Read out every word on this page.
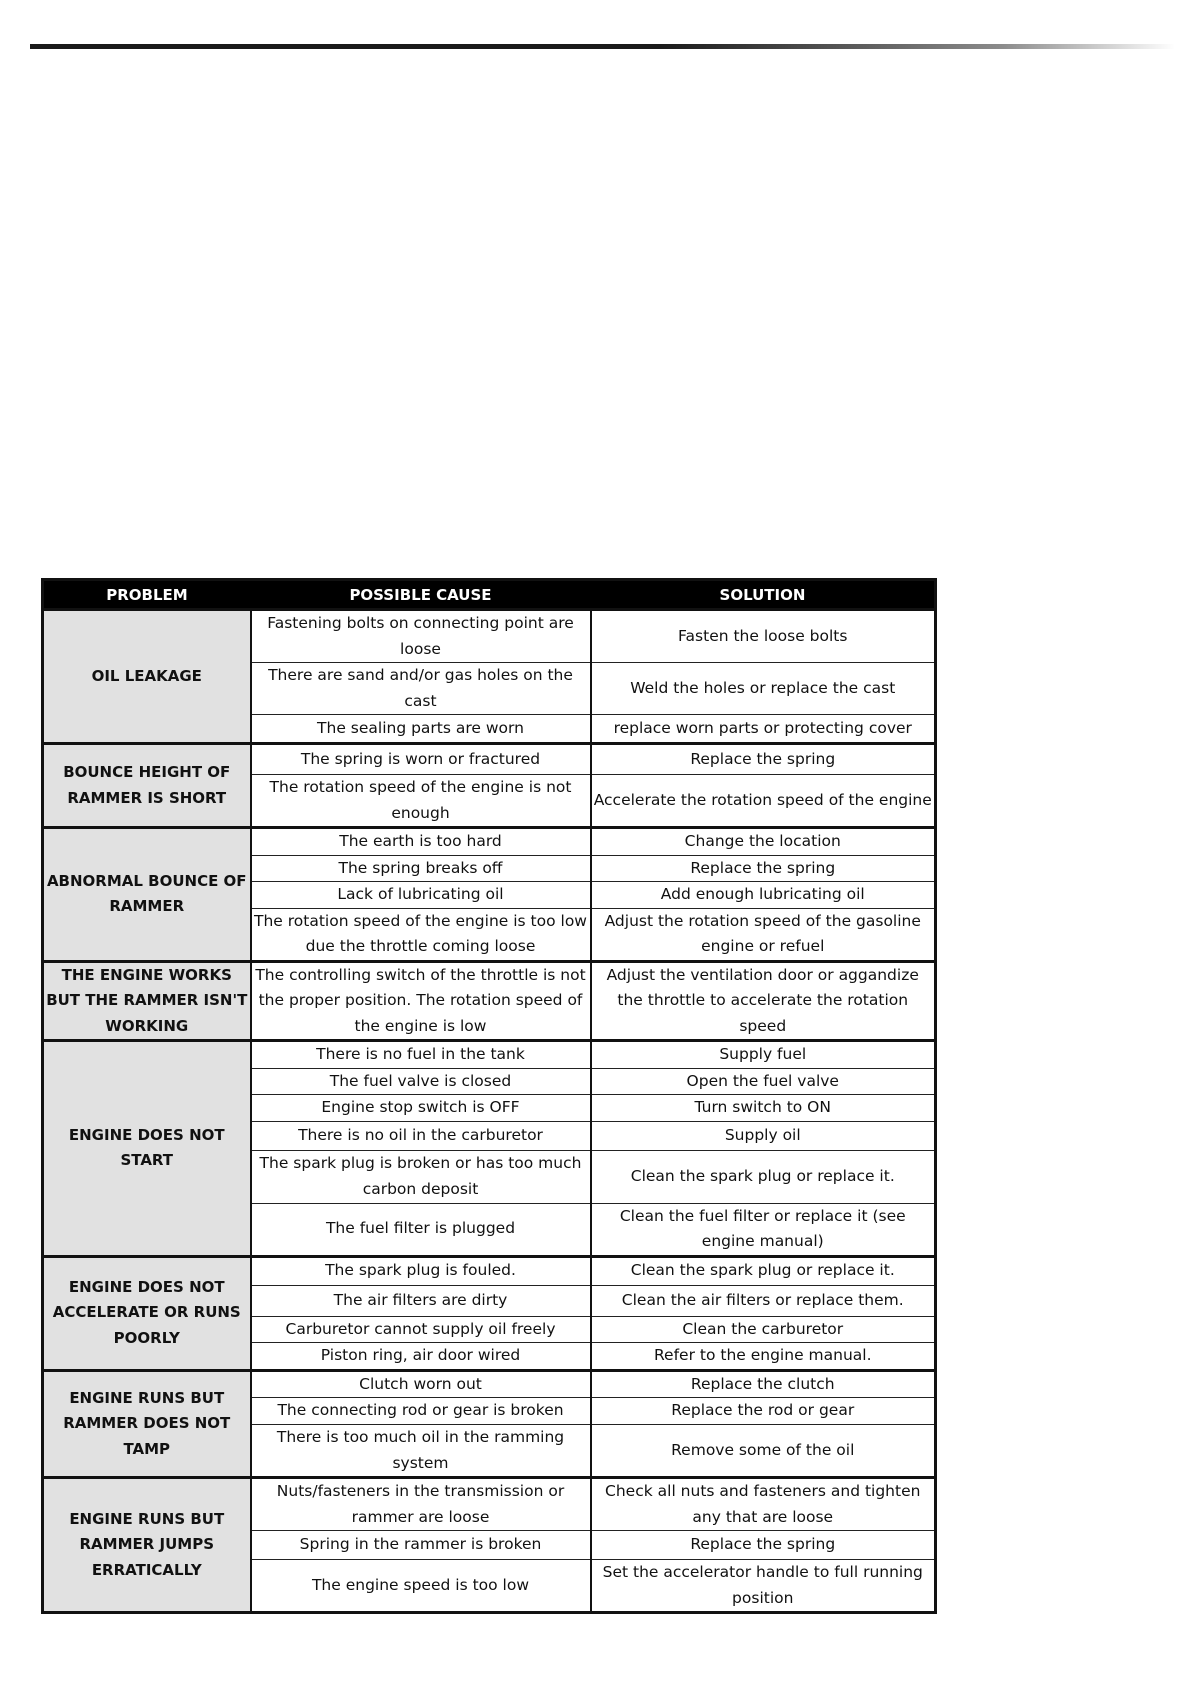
PROBLEM	POSSIBLE CAUSE	SOLUTION
OIL LEAKAGE	Fastening bolts on connecting point are loose	Fasten the loose bolts
	There are sand and/or gas holes on the cast	Weld the holes or replace the cast
	The sealing parts are worn	replace worn parts or protecting cover
BOUNCE HEIGHT OF RAMMER IS SHORT	The spring is worn or fractured	Replace the spring
	The rotation speed of the engine is not enough	Accelerate the rotation speed of the engine
ABNORMAL BOUNCE OF RAMMER	The earth is too hard	Change the location
	The spring breaks off	Replace the spring
	Lack of lubricating oil	Add enough lubricating oil
	The rotation speed of the engine is too low due the throttle coming loose	Adjust the rotation speed of the gasoline engine or refuel
THE ENGINE WORKS BUT THE RAMMER ISN'T WORKING	The controlling switch of the throttle is not the proper position. The rotation speed of the engine is low	Adjust the ventilation door or aggandize the throttle to accelerate the rotation speed
ENGINE DOES NOT START	There is no fuel in the tank	Supply fuel
	The fuel valve is closed	Open the fuel valve
	Engine stop switch is OFF	Turn switch to ON
	There is no oil in the carburetor	Supply oil
	The spark plug is broken or has too much carbon deposit	Clean the spark plug or replace it.
	The fuel filter is plugged	Clean the fuel filter or replace it (see engine manual)
ENGINE DOES NOT ACCELERATE OR RUNS POORLY	The spark plug is fouled.	Clean the spark plug or replace it.
	The air filters are dirty	Clean the air filters or replace them.
	Carburetor cannot supply oil freely	Clean the carburetor
	Piston ring, air door wired	Refer to the engine manual.
ENGINE RUNS BUT RAMMER DOES NOT TAMP	Clutch worn out	Replace the clutch
	The connecting rod or gear is broken	Replace the rod or gear
	There is too much oil in the ramming system	Remove some of the oil
ENGINE RUNS BUT RAMMER JUMPS ERRATICALLY	Nuts/fasteners in the transmission or rammer are loose	Check all nuts and fasteners and tighten any that are loose
	Spring in the rammer is broken	Replace the spring
	The engine speed is too low	Set the accelerator handle to full running position
